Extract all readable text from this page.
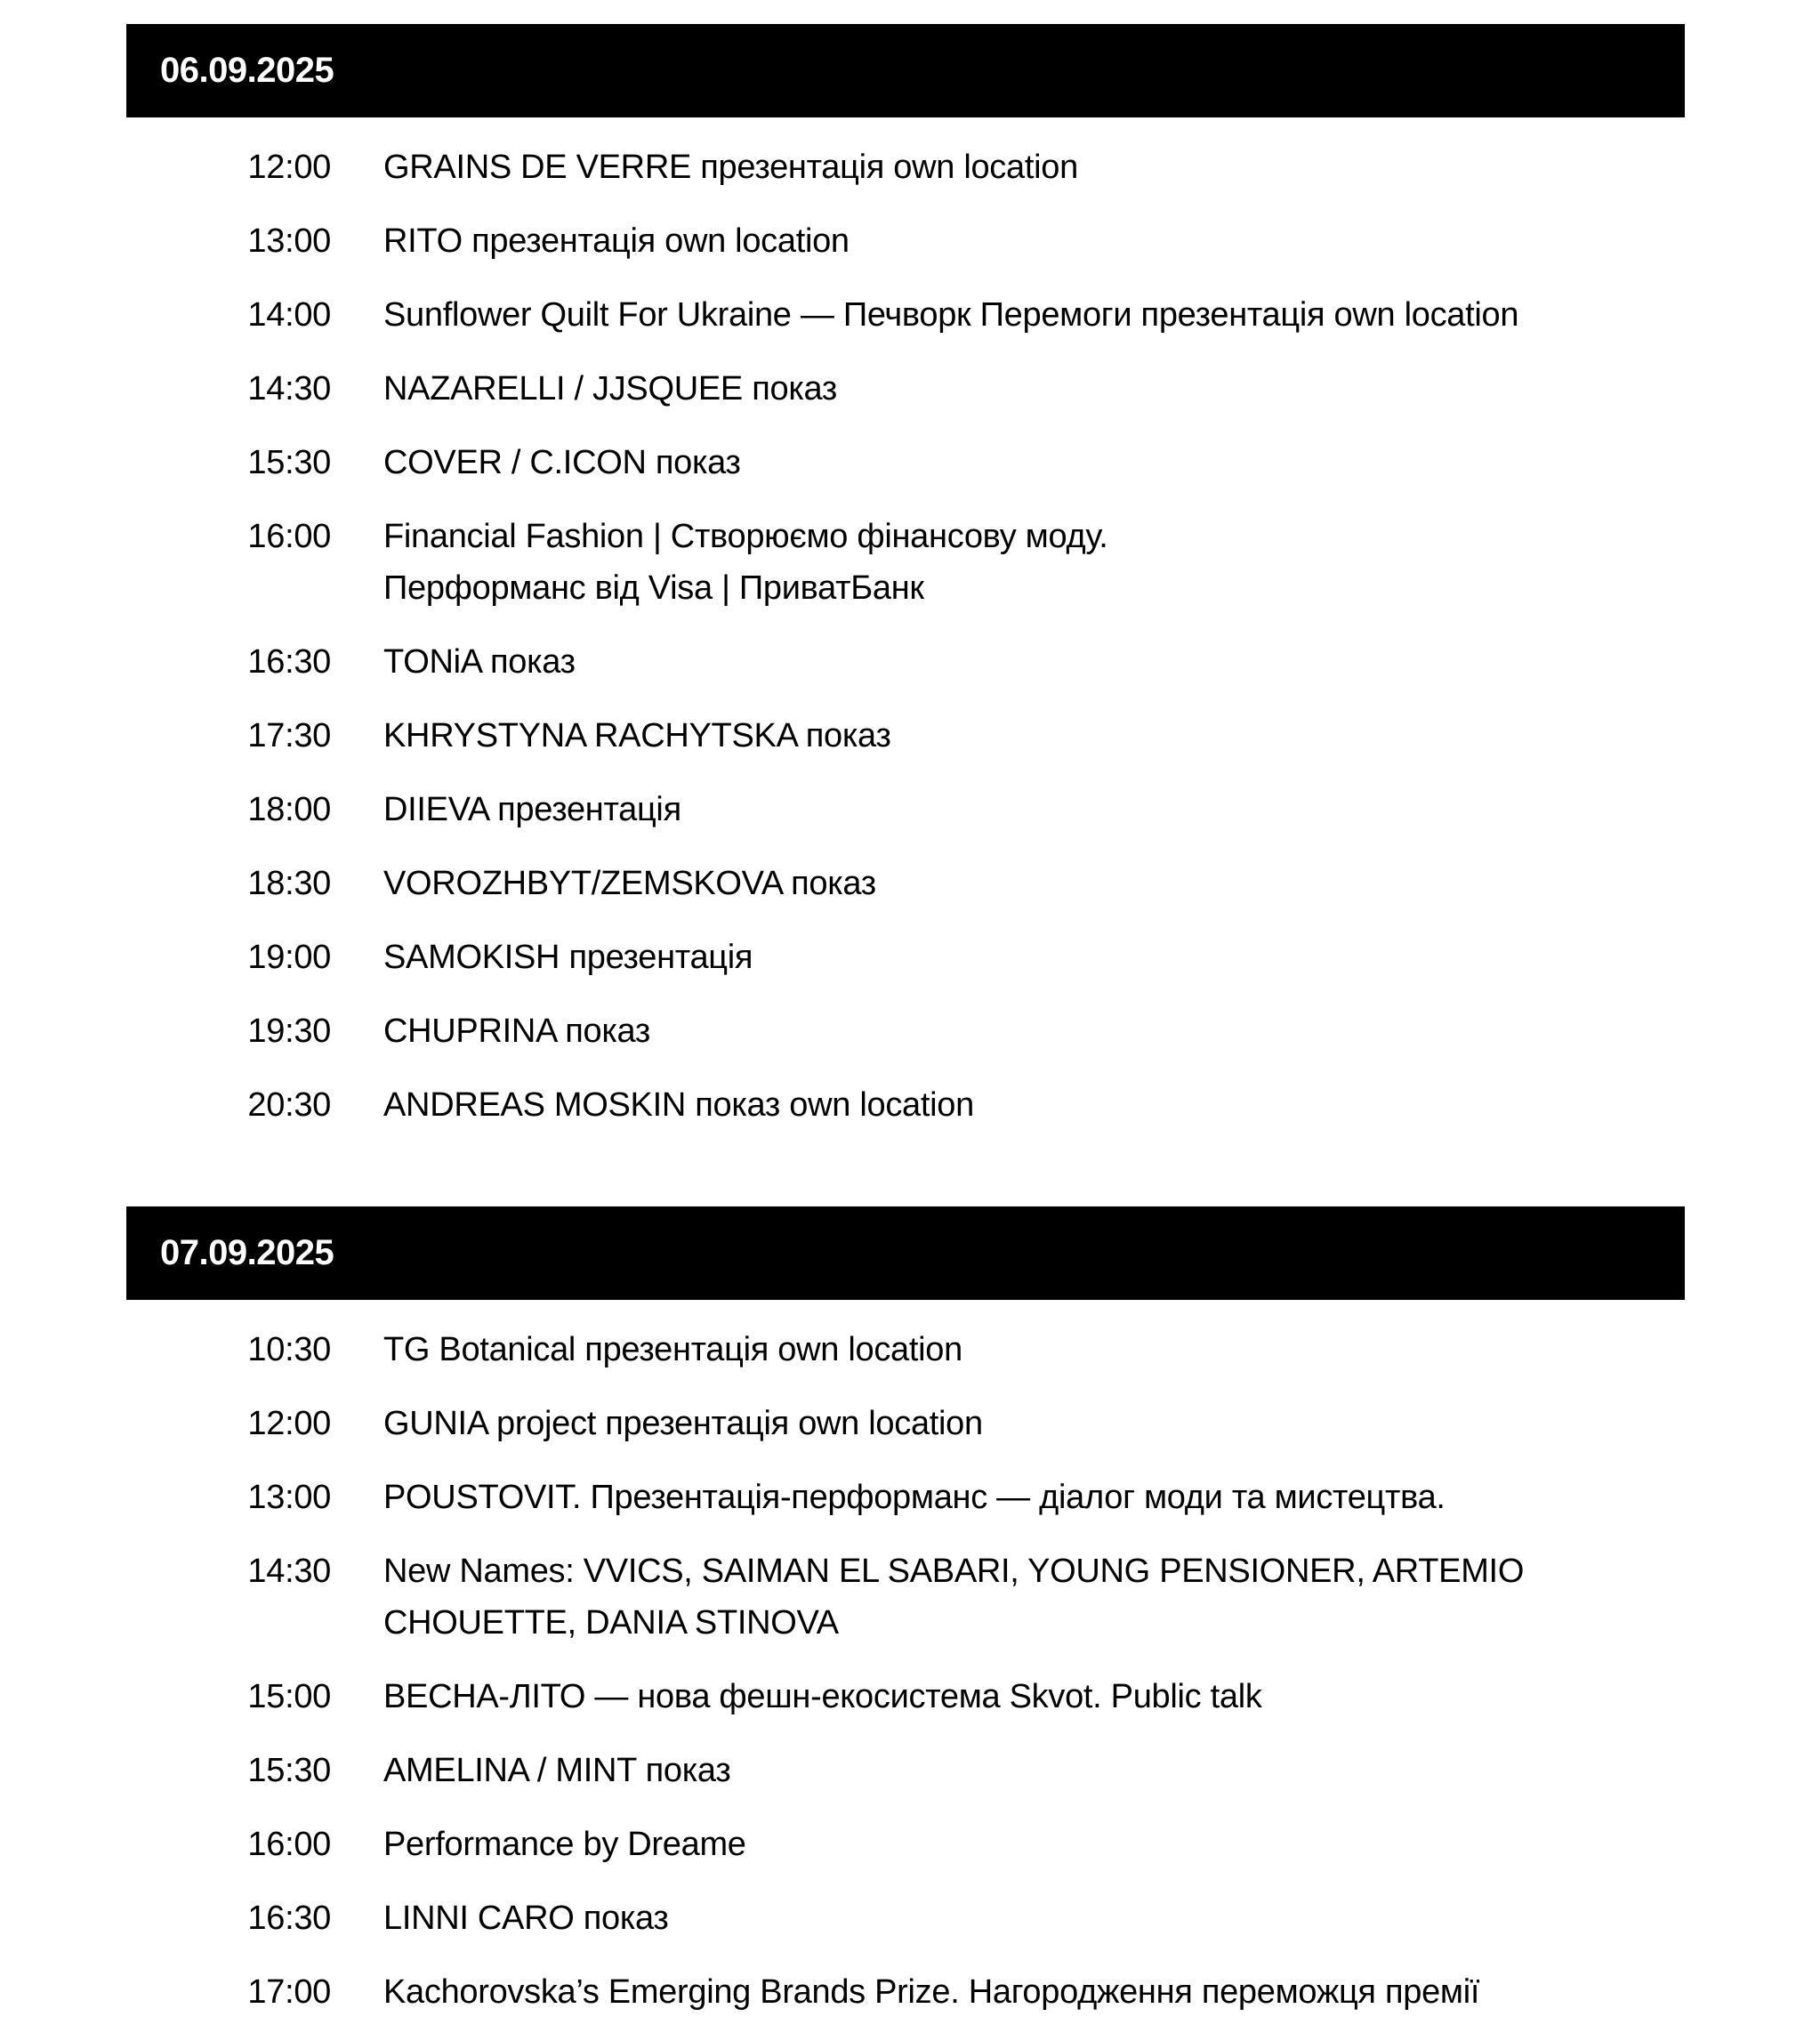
06.09.2025
12:00 GRAINS DE VERRE презентація own location
13:00 RITO презентація own location
14:00 Sunflower Quilt For Ukraine — Печворк Перемоги презентація own location
14:30 NAZARELLI / JJSQUEE показ
15:30 COVER / C.ICON показ
16:00 Financial Fashion | Створюємо фінансову моду.
Перформанс від Visa | ПриватБанк
16:30 TONiA показ
17:30 KHRYSTYNA RACHYTSKA показ
18:00 DIIEVA презентація
18:30 VOROZHBYT/ZEMSKOVA показ
19:00 SAMOKISH презентація
19:30 CHUPRINA показ
20:30 ANDREAS MOSKIN показ own location
07.09.2025
10:30 TG Botanical презентація own location
12:00 GUNIA project презентація own location
13:00 POUSTOVIT. Презентація-перформанс — діалог моди та мистецтва.
14:30 New Names: VVICS, SAIMAN EL SABARI, YOUNG PENSIONER, ARTEMIO
CHOUETTE, DANIA STINOVA
15:00 ВЕСНА-ЛІТО — нова фешн-екосистема Skvot. Public talk
15:30 AMELINA / MINT показ
16:00 Performance by Dreame
16:30 LINNI CARO показ
17:00 Kachorovska’s Emerging Brands Prize. Нагородження переможця премії
